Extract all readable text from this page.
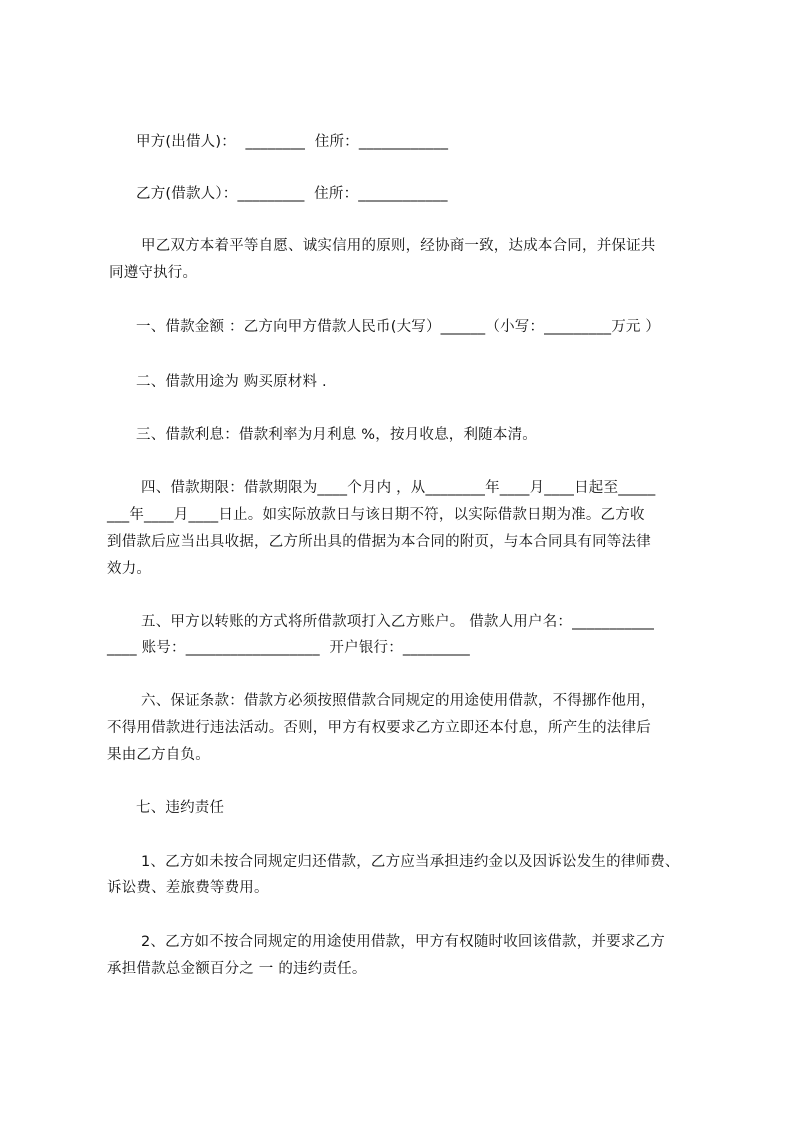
甲方(出借人)：  ________  住所：____________
乙方(借款人）：_________  住所：____________
甲乙双方本着平等自愿、诚实信用的原则，经协商一致，达成本合同，并保证共
同遵守执行。
一、借款金额 ：乙方向甲方借款人民币(大写）______（小写：_________万元 ）
二、借款用途为 购买原材料 .
三、借款利息：借款利率为月利息 %，按月收息，利随本清。
四、借款期限：借款期限为____个月内 ，从________年____月____日起至_____
___年____月____日止。如实际放款日与该日期不符，以实际借款日期为准。乙方收
到借款后应当出具收据，乙方所出具的借据为本合同的附页，与本合同具有同等法律
效力。
五、甲方以转账的方式将所借款项打入乙方账户。 借款人用户名：___________
____ 账号：__________________  开户银行：_________
六、保证条款：借款方必须按照借款合同规定的用途使用借款，不得挪作他用，
不得用借款进行违法活动。否则，甲方有权要求乙方立即还本付息，所产生的法律后
果由乙方自负。
七、违约责任
1、乙方如未按合同规定归还借款，乙方应当承担违约金以及因诉讼发生的律师费、
诉讼费、差旅费等费用。
2、乙方如不按合同规定的用途使用借款，甲方有权随时收回该借款，并要求乙方
承担借款总金额百分之 一 的违约责任。
